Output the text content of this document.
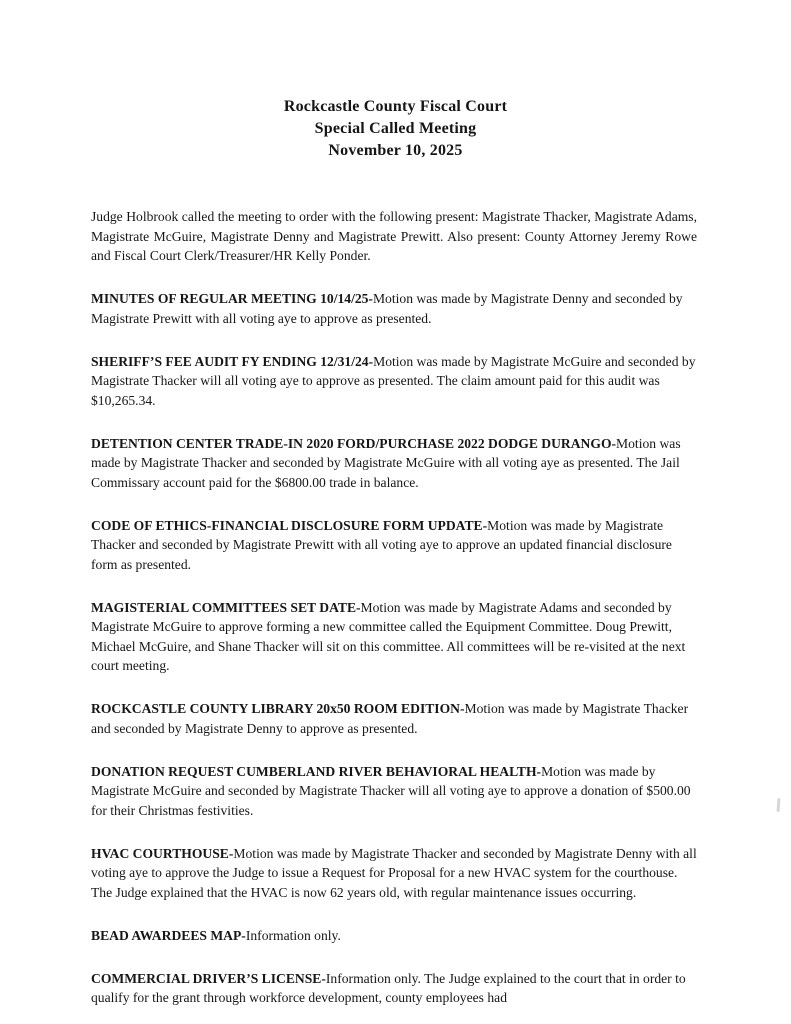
Rockcastle County Fiscal Court
Special Called Meeting
November 10, 2025

Judge Holbrook called the meeting to order with the following present: Magistrate Thacker, Magistrate Adams, Magistrate McGuire, Magistrate Denny and Magistrate Prewitt. Also present: County Attorney Jeremy Rowe and Fiscal Court Clerk/Treasurer/HR Kelly Ponder.

MINUTES OF REGULAR MEETING 10/14/25-Motion was made by Magistrate Denny and seconded by Magistrate Prewitt with all voting aye to approve as presented.

SHERIFF’S FEE AUDIT FY ENDING 12/31/24-Motion was made by Magistrate McGuire and seconded by Magistrate Thacker will all voting aye to approve as presented. The claim amount paid for this audit was $10,265.34.

DETENTION CENTER TRADE-IN 2020 FORD/PURCHASE 2022 DODGE DURANGO-Motion was made by Magistrate Thacker and seconded by Magistrate McGuire with all voting aye as presented. The Jail Commissary account paid for the $6800.00 trade in balance.

CODE OF ETHICS-FINANCIAL DISCLOSURE FORM UPDATE-Motion was made by Magistrate Thacker and seconded by Magistrate Prewitt with all voting aye to approve an updated financial disclosure form as presented.

MAGISTERIAL COMMITTEES SET DATE-Motion was made by Magistrate Adams and seconded by Magistrate McGuire to approve forming a new committee called the Equipment Committee. Doug Prewitt, Michael McGuire, and Shane Thacker will sit on this committee. All committees will be re-visited at the next court meeting.

ROCKCASTLE COUNTY LIBRARY 20x50 ROOM EDITION-Motion was made by Magistrate Thacker and seconded by Magistrate Denny to approve as presented.

DONATION REQUEST CUMBERLAND RIVER BEHAVIORAL HEALTH-Motion was made by Magistrate McGuire and seconded by Magistrate Thacker will all voting aye to approve a donation of $500.00 for their Christmas festivities.

HVAC COURTHOUSE-Motion was made by Magistrate Thacker and seconded by Magistrate Denny with all voting aye to approve the Judge to issue a Request for Proposal for a new HVAC system for the courthouse. The Judge explained that the HVAC is now 62 years old, with regular maintenance issues occurring.

BEAD AWARDEES MAP-Information only.

COMMERCIAL DRIVER’S LICENSE-Information only. The Judge explained to the court that in order to qualify for the grant through workforce development, county employees had
